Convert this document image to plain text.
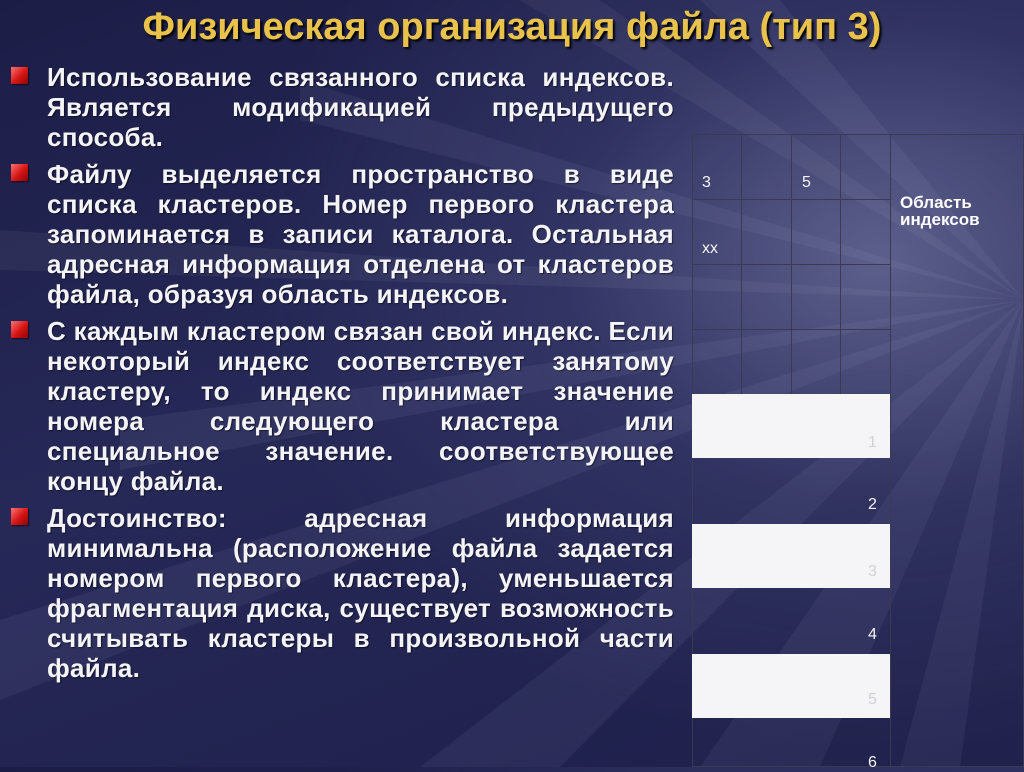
Физическая организация файла (тип 3)
Использование связанного списка индексов. Является модификацией предыдущего способа.
Файлу выделяется пространство в виде списка кластеров. Номер первого кластера запоминается в записи каталога. Остальная адресная информация отделена от кластеров файла, образуя область индексов.
С каждым кластером связан свой индекс. Если некоторый индекс соответствует занятому кластеру, то индекс принимает значение номера следующего кластера или специальное значение. соответствующее концу файла.
Достоинство: адресная информация минимальна (расположение файла задается номером первого кластера), уменьшается фрагментация диска, существует возможность считывать кластеры в произвольной части файла.
3	5
xx
Область индексов
1
2
3
4
5
6
